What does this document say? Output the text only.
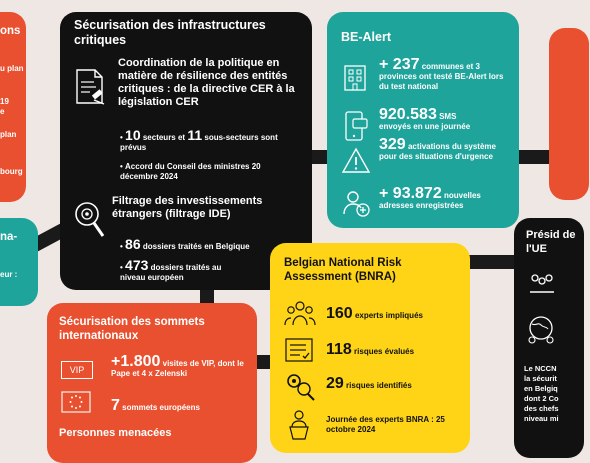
ons
u plan
19
e
plan
bourg
na-
eur :
Sécurisation des infrastructures critiques
Coordination de la politique en matière de résilience des entités critiques : de la directive CER à la législation CER
• 10 secteurs et 11 sous-secteurs sont prévus
• Accord du Conseil des ministres 20 décembre 2024
Filtrage des investissements étrangers (filtrage IDE)
• 86 dossiers traités en Belgique
• 473 dossiers traités au niveau européen
BE-Alert
+ 237 communes et 3 provinces ont testé BE-Alert lors du test national
920.583 SMS
envoyés en une journée
329 activations du système pour des situations d'urgence
+ 93.872 nouvelles adresses enregistrées
Belgian National Risk Assessment (BNRA)
160 experts impliqués
118 risques évalués
29 risques identifiés
Journée des experts BNRA : 25 octobre 2024
Sécurisation des sommets internationaux
VIP	+1.800 visites de VIP, dont le Pape et 4 x Zelenski
7 sommets européens
Personnes menacées
Présid de l'UE
Le NCCN
la sécurit
en Belgiq
dont 2 Co
des chefs
niveau mi
